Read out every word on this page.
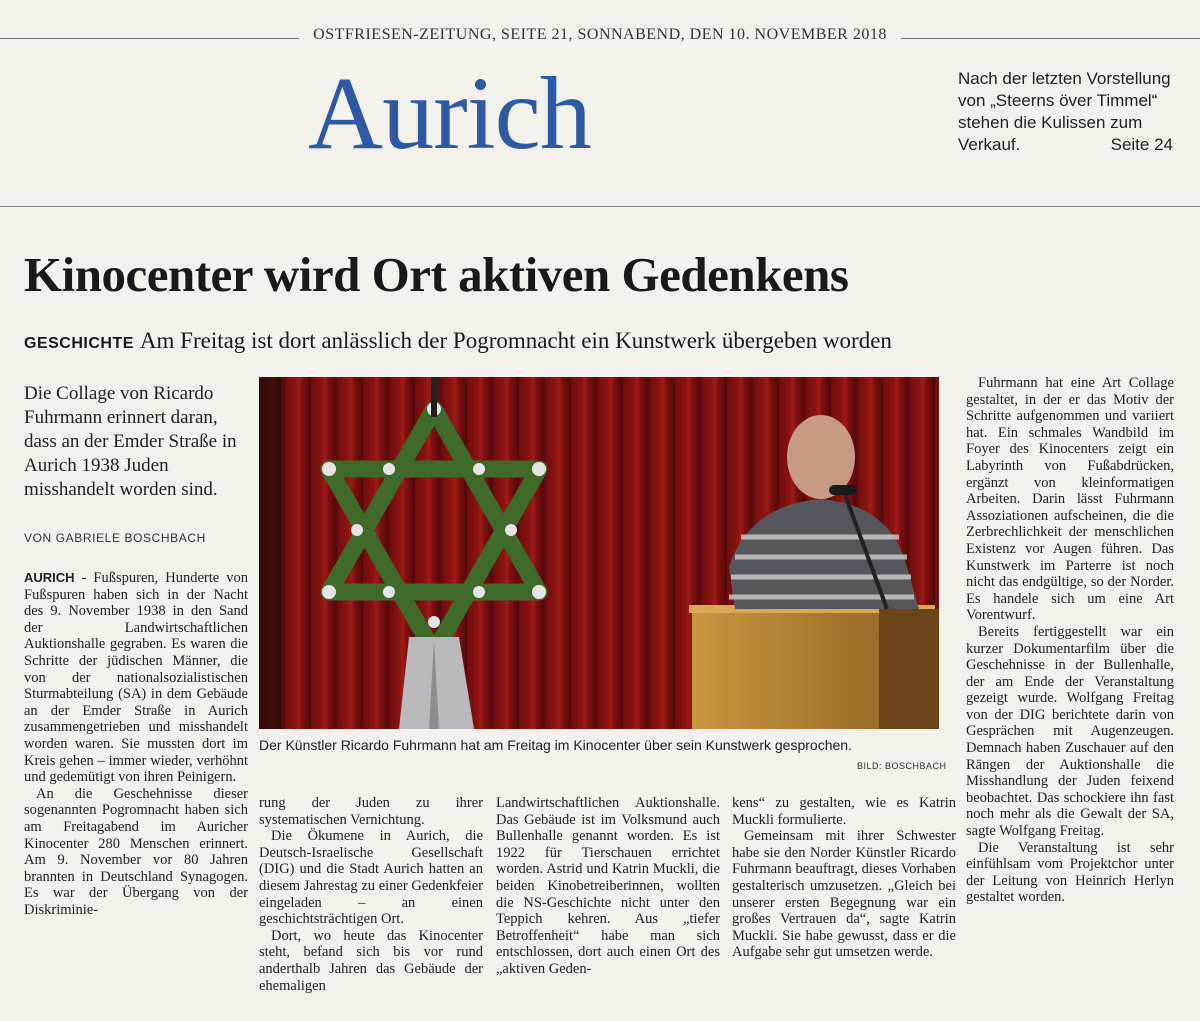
OSTFRIESEN-ZEITUNG, SEITE 21, SONNABEND, DEN 10. NOVEMBER 2018
Aurich	Nach der letzten Vorstellung von „Steerns över Timmel“ stehen die Kulissen zum Verkauf.	Seite 24
Kinocenter wird Ort aktiven Gedenkens
GESCHICHTE Am Freitag ist dort anlässlich der Pogromnacht ein Kunstwerk übergeben worden
Die Collage von Ricardo Fuhrmann erinnert daran, dass an der Emder Straße in Aurich 1938 Juden misshandelt worden sind.
VON GABRIELE BOSCHBACH

AURICH - Fußspuren, Hunderte von Fußspuren haben sich in der Nacht des 9. November 1938 in den Sand der Landwirtschaftlichen Auktionshalle gegraben. Es waren die Schritte der jüdischen Männer, die von der nationalsozialistischen Sturmabteilung (SA) in dem Gebäude an der Emder Straße in Aurich zusammengetrieben und misshandelt worden waren. Sie mussten dort im Kreis gehen – immer wieder, verhöhnt und gedemütigt von ihren Peinigern.

An die Geschehnisse dieser sogenannten Pogromnacht haben sich am Freitagabend im Auricher Kinocenter 280 Menschen erinnert. Am 9. November vor 80 Jahren brannten in Deutschland Synagogen. Es war der Übergang von der Diskriminie-

Der Künstler Ricardo Fuhrmann hat am Freitag im Kinocenter über sein Kunstwerk gesprochen.
BILD: BOSCHBACH

rung der Juden zu ihrer systematischen Vernichtung.

Die Ökumene in Aurich, die Deutsch-Israelische Gesellschaft (DIG) und die Stadt Aurich hatten an diesem Jahrestag zu einer Gedenkfeier eingeladen – an einen geschichtsträchtigen Ort.

Dort, wo heute das Kinocenter steht, befand sich bis vor rund anderthalb Jahren das Gebäude der ehemaligen

Landwirtschaftlichen Auktionshalle. Das Gebäude ist im Volksmund auch Bullenhalle genannt worden. Es ist 1922 für Tierschauen errichtet worden. Astrid und Katrin Muckli, die beiden Kinobetreiberinnen, wollten die NS-Geschichte nicht unter den Teppich kehren. Aus „tiefer Betroffenheit“ habe man sich entschlossen, dort auch einen Ort des „aktiven Geden-

kens“ zu gestalten, wie es Katrin Muckli formulierte.

Gemeinsam mit ihrer Schwester habe sie den Norder Künstler Ricardo Fuhrmann beauftragt, dieses Vorhaben gestalterisch umzusetzen. „Gleich bei unserer ersten Begegnung war ein großes Vertrauen da“, sagte Katrin Muckli. Sie habe gewusst, dass er die Aufgabe sehr gut umsetzen werde.

Fuhrmann hat eine Art Collage gestaltet, in der er das Motiv der Schritte aufgenommen und variiert hat. Ein schmales Wandbild im Foyer des Kinocenters zeigt ein Labyrinth von Fußabdrücken, ergänzt von kleinformatigen Arbeiten. Darin lässt Fuhrmann Assoziationen aufscheinen, die die Zerbrechlichkeit der menschlichen Existenz vor Augen führen. Das Kunstwerk im Parterre ist noch nicht das endgültige, so der Norder. Es handele sich um eine Art Vorentwurf.

Bereits fertiggestellt war ein kurzer Dokumentarfilm über die Geschehnisse in der Bullenhalle, der am Ende der Veranstaltung gezeigt wurde. Wolfgang Freitag von der DIG berichtete darin von Gesprächen mit Augenzeugen. Demnach haben Zuschauer auf den Rängen der Auktionshalle die Misshandlung der Juden feixend beobachtet. Das schockiere ihn fast noch mehr als die Gewalt der SA, sagte Wolfgang Freitag.

Die Veranstaltung ist sehr einfühlsam vom Projektchor unter der Leitung von Heinrich Herlyn gestaltet worden.
